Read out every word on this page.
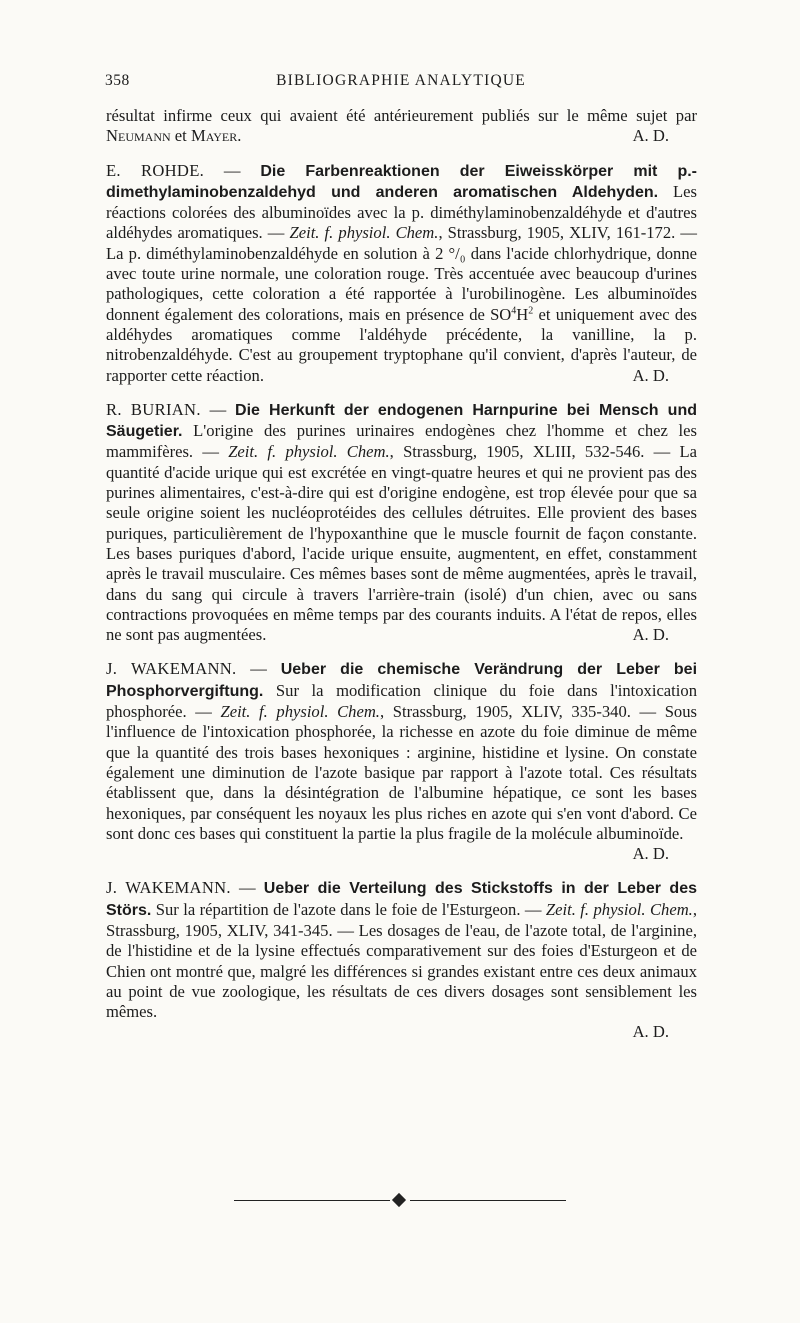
358	BIBLIOGRAPHIE ANALYTIQUE

résultat infirme ceux qui avaient été antérieurement publiés sur le même sujet par Neumann et Mayer.	A. D.

E. ROHDE. — Die Farbenreaktionen der Eiweisskörper mit p.-dimethylaminobenzaldehyd und anderen aromatischen Aldehyden. Les réactions colorées des albuminoïdes avec la p. diméthylaminobenzaldéhyde et d'autres aldéhydes aromatiques. — Zeit. f. physiol. Chem., Strassburg, 1905, XLIV, 161-172. — La p. diméthylaminobenzaldéhyde en solution à 2 °/₀ dans l'acide chlorhydrique, donne avec toute urine normale, une coloration rouge. Très accentuée avec beaucoup d'urines pathologiques, cette coloration a été rapportée à l'urobilinogène. Les albuminoïdes donnent également des colorations, mais en présence de $SO^4H^2$ et uniquement avec des aldéhydes aromatiques comme l'aldéhyde précédente, la vanilline, la p. nitrobenzaldéhyde. C'est au groupement tryptophane qu'il convient, d'après l'auteur, de rapporter cette réaction.	A. D.

R. BURIAN. — Die Herkunft der endogenen Harnpurine bei Mensch und Säugetier. L'origine des purines urinaires endogènes chez l'homme et chez les mammifères. — Zeit. f. physiol. Chem., Strassburg, 1905, XLIII, 532-546. — La quantité d'acide urique qui est excrétée en vingt-quatre heures et qui ne provient pas des purines alimentaires, c'est-à-dire qui est d'origine endogène, est trop élevée pour que sa seule origine soient les nucléoprotéides des cellules détruites. Elle provient des bases puriques, particulièrement de l'hypoxanthine que le muscle fournit de façon constante. Les bases puriques d'abord, l'acide urique ensuite, augmentent, en effet, constamment après le travail musculaire. Ces mêmes bases sont de même augmentées, après le travail, dans du sang qui circule à travers l'arrière-train (isolé) d'un chien, avec ou sans contractions provoquées en même temps par des courants induits. A l'état de repos, elles ne sont pas augmentées.	A. D.

J. WAKEMANN. — Ueber die chemische Verändrung der Leber bei Phosphorvergiftung. Sur la modification clinique du foie dans l'intoxication phosphorée. — Zeit. f. physiol. Chem., Strassburg, 1905, XLIV, 335-340. — Sous l'influence de l'intoxication phosphorée, la richesse en azote du foie diminue de même que la quantité des trois bases hexoniques : arginine, histidine et lysine. On constate également une diminution de l'azote basique par rapport à l'azote total. Ces résultats établissent que, dans la désintégration de l'albumine hépatique, ce sont les bases hexoniques, par conséquent les noyaux les plus riches en azote qui s'en vont d'abord. Ce sont donc ces bases qui constituent la partie la plus fragile de la molécule albuminoïde.
A. D.

J. WAKEMANN. — Ueber die Verteilung des Stickstoffs in der Leber des Störs. Sur la répartition de l'azote dans le foie de l'Esturgeon. — Zeit. f. physiol. Chem., Strassburg, 1905, XLIV, 341-345. — Les dosages de l'eau, de l'azote total, de l'arginine, de l'histidine et de la lysine effectués comparativement sur des foies d'Esturgeon et de Chien ont montré que, malgré les différences si grandes existant entre ces deux animaux au point de vue zoologique, les résultats de ces divers dosages sont sensiblement les mêmes.

A. D.
